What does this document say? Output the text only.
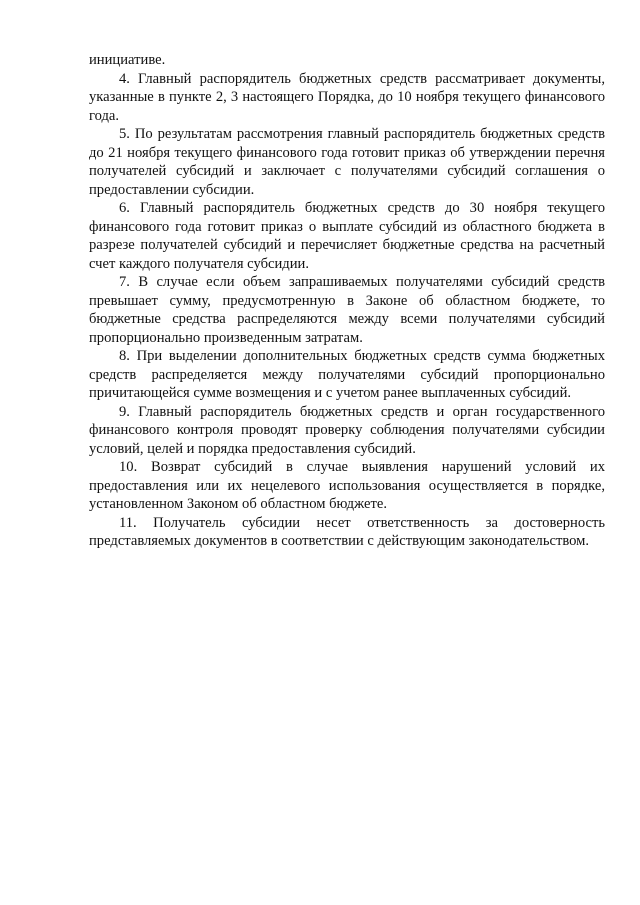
инициативе.

4. Главный распорядитель бюджетных средств рассматривает документы, указанные в пункте 2, 3 настоящего Порядка, до 10 ноября текущего финансового года.

5. По результатам рассмотрения главный распорядитель бюджетных средств до 21 ноября текущего финансового года готовит приказ об утверждении перечня получателей субсидий и заключает с получателями субсидий соглашения о предоставлении субсидии.

6. Главный распорядитель бюджетных средств до 30 ноября текущего финансового года готовит приказ о выплате субсидий из областного бюджета в разрезе получателей субсидий и перечисляет бюджетные средства на расчетный счет каждого получателя субсидии.

7. В случае если объем запрашиваемых получателями субсидий средств превышает сумму, предусмотренную в Законе об областном бюджете, то бюджетные средства распределяются между всеми получателями субсидий пропорционально произведенным затратам.

8. При выделении дополнительных бюджетных средств сумма бюджетных средств распределяется между получателями субсидий пропорционально причитающейся сумме возмещения и с учетом ранее выплаченных субсидий.

9. Главный распорядитель бюджетных средств и орган государственного финансового контроля проводят проверку соблюдения получателями субсидии условий, целей и порядка предоставления субсидий.

10. Возврат субсидий в случае выявления нарушений условий их предоставления или их нецелевого использования осуществляется в порядке, установленном Законом об областном бюджете.

11. Получатель субсидии несет ответственность за достоверность представляемых документов в соответствии с действующим законодательством.
